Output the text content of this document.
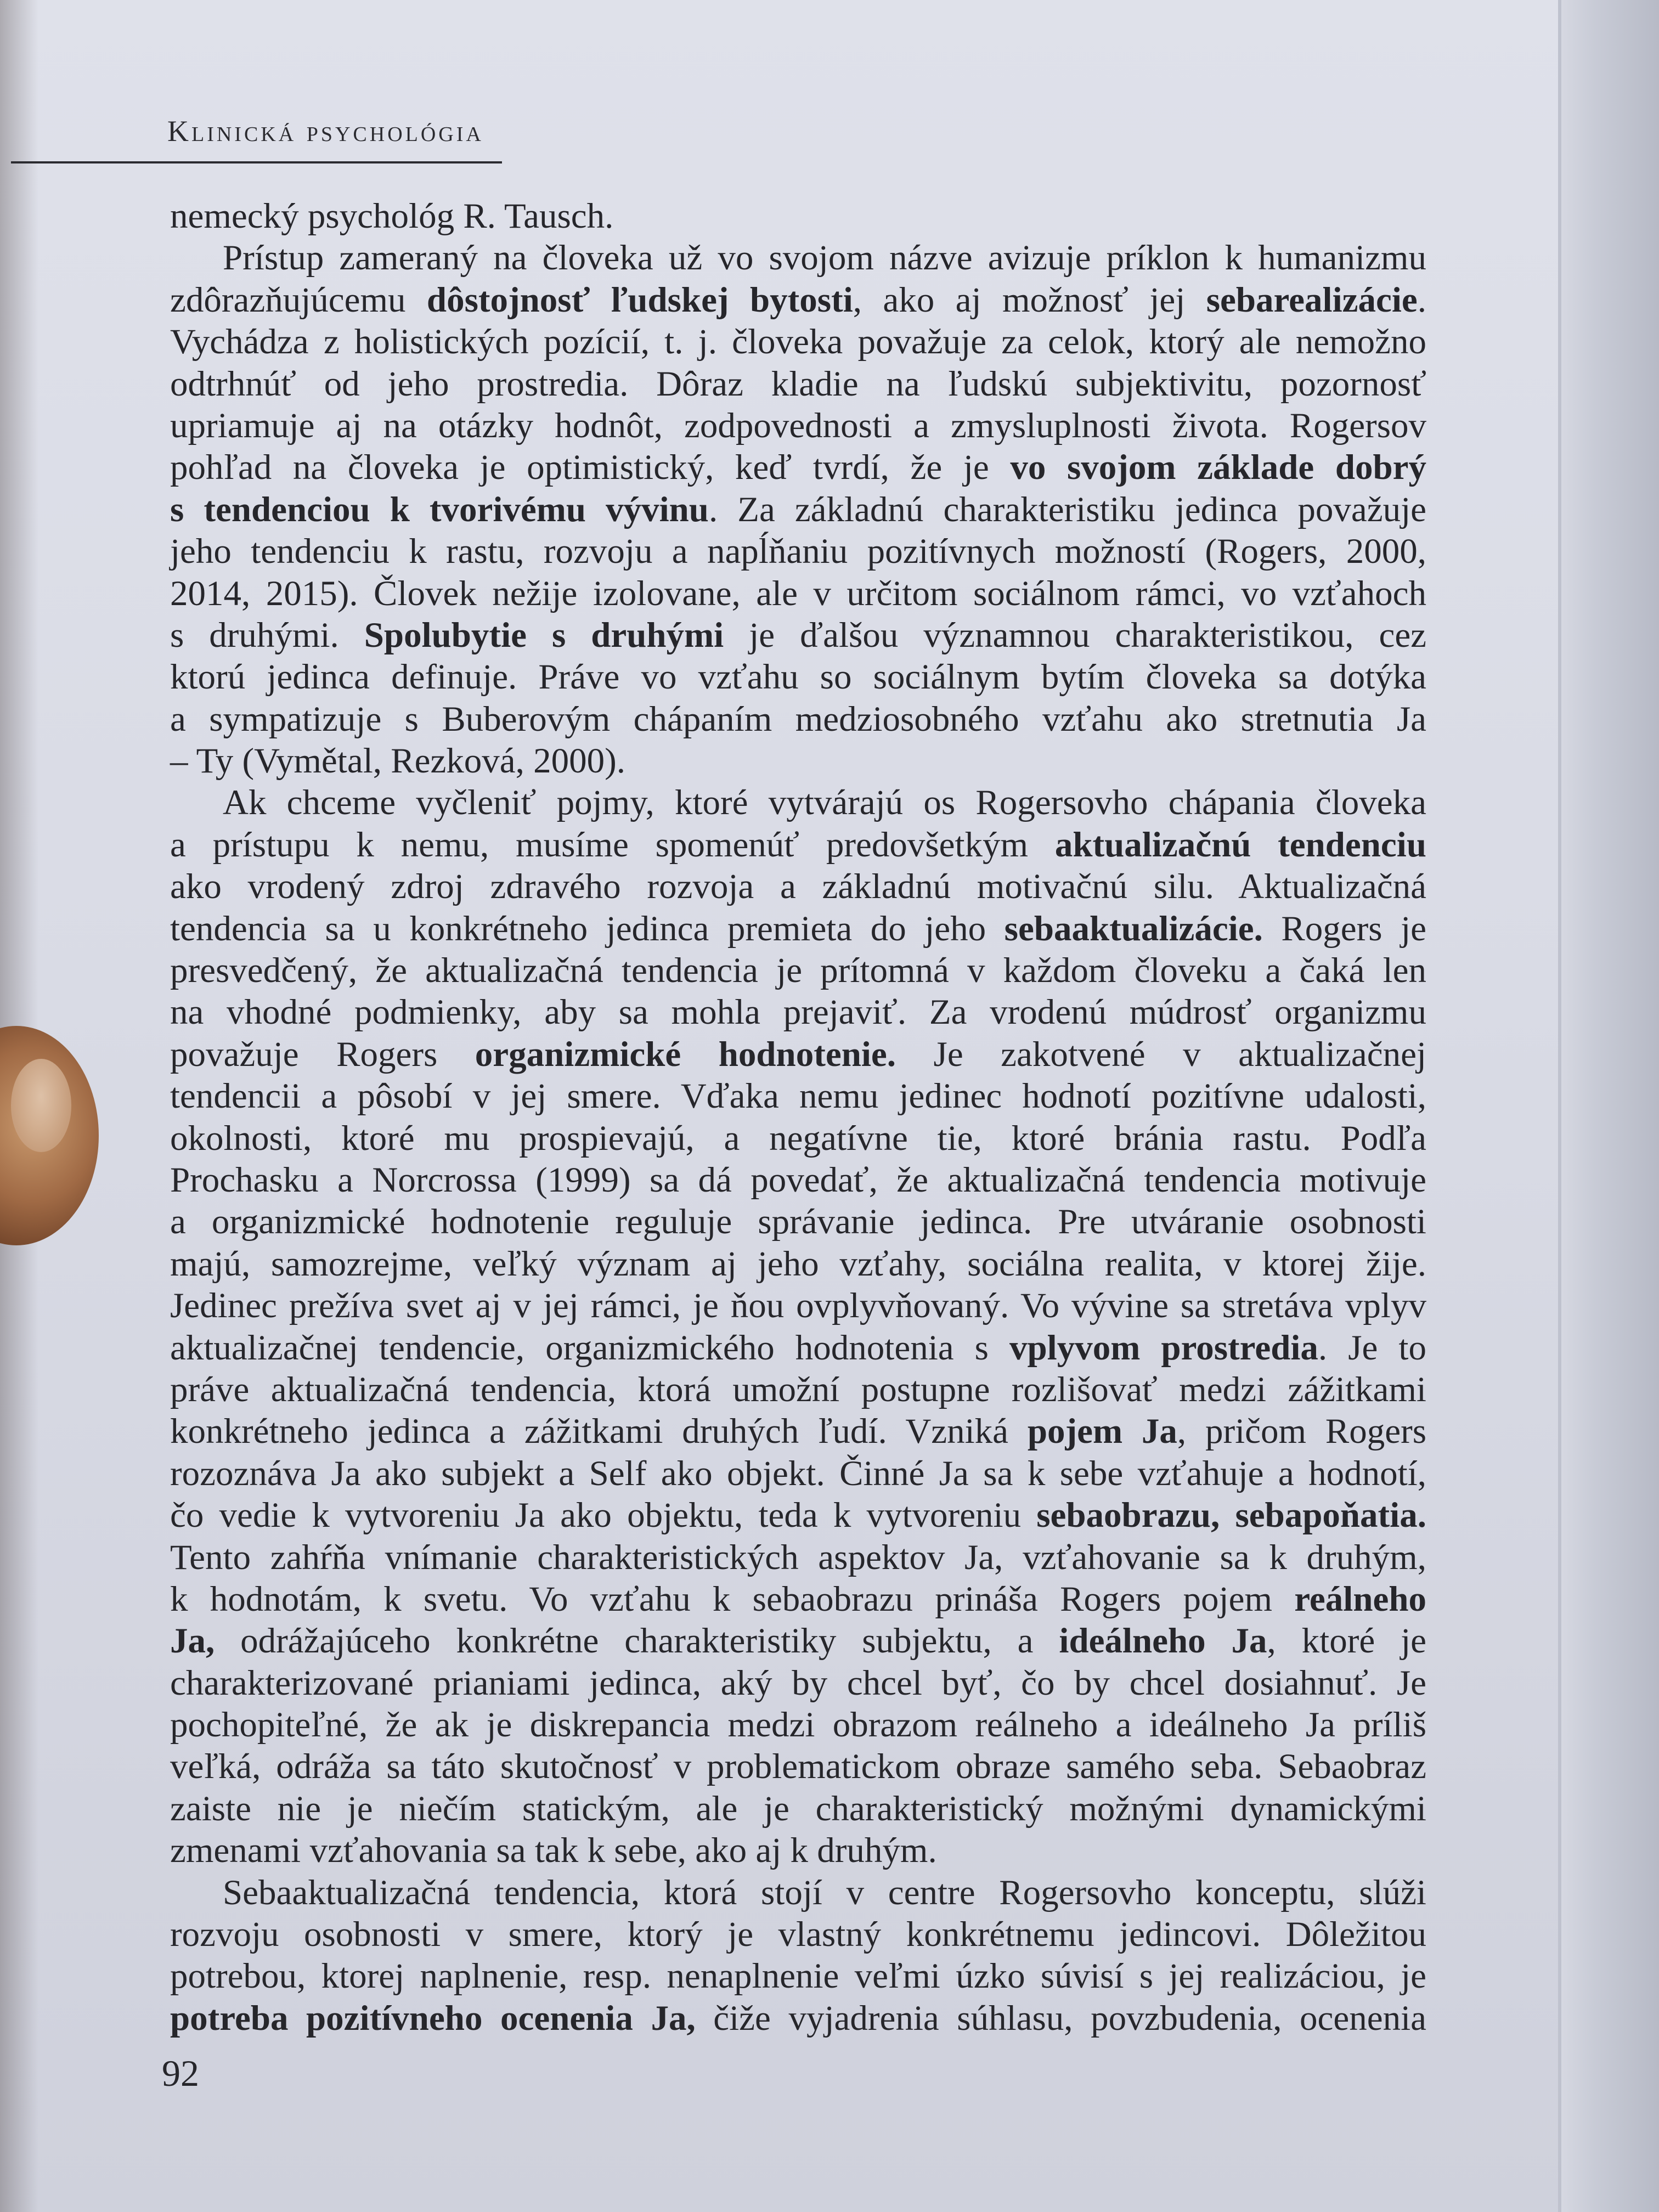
Klinická psychológia
nemecký psychológ R. Tausch.
Prístup zameraný na človeka už vo svojom názve avizuje príklon k humanizmu
zdôrazňujúcemu dôstojnosť ľudskej bytosti, ako aj možnosť jej sebarealizácie.
Vychádza z holistických pozícií, t. j. človeka považuje za celok, ktorý ale nemožno
odtrhnúť od jeho prostredia. Dôraz kladie na ľudskú subjektivitu, pozornosť
upriamuje aj na otázky hodnôt, zodpovednosti a zmysluplnosti života. Rogersov
pohľad na človeka je optimistický, keď tvrdí, že je vo svojom základe dobrý
s tendenciou k tvorivému vývinu. Za základnú charakteristiku jedinca považuje
jeho tendenciu k rastu, rozvoju a napĺňaniu pozitívnych možností (Rogers, 2000,
2014, 2015). Človek nežije izolovane, ale v určitom sociálnom rámci, vo vzťahoch
s druhými. Spolubytie s druhými je ďalšou významnou charakteristikou, cez
ktorú jedinca definuje. Práve vo vzťahu so sociálnym bytím človeka sa dotýka
a sympatizuje s Buberovým chápaním medziosobného vzťahu ako stretnutia Ja
– Ty (Vymětal, Rezková, 2000).
Ak chceme vyčleniť pojmy, ktoré vytvárajú os Rogersovho chápania človeka
a prístupu k nemu, musíme spomenúť predovšetkým aktualizačnú tendenciu
ako vrodený zdroj zdravého rozvoja a základnú motivačnú silu. Aktualizačná
tendencia sa u konkrétneho jedinca premieta do jeho sebaaktualizácie. Rogers je
presvedčený, že aktualizačná tendencia je prítomná v každom človeku a čaká len
na vhodné podmienky, aby sa mohla prejaviť. Za vrodenú múdrosť organizmu
považuje Rogers organizmické hodnotenie. Je zakotvené v aktualizačnej
tendencii a pôsobí v jej smere. Vďaka nemu jedinec hodnotí pozitívne udalosti,
okolnosti, ktoré mu prospievajú, a negatívne tie, ktoré bránia rastu. Podľa
Prochasku a Norcrossa (1999) sa dá povedať, že aktualizačná tendencia motivuje
a organizmické hodnotenie reguluje správanie jedinca. Pre utváranie osobnosti
majú, samozrejme, veľký význam aj jeho vzťahy, sociálna realita, v ktorej žije.
Jedinec prežíva svet aj v jej rámci, je ňou ovplyvňovaný. Vo vývine sa stretáva vplyv
aktualizačnej tendencie, organizmického hodnotenia s vplyvom prostredia. Je to
práve aktualizačná tendencia, ktorá umožní postupne rozlišovať medzi zážitkami
konkrétneho jedinca a zážitkami druhých ľudí. Vzniká pojem Ja, pričom Rogers
rozoznáva Ja ako subjekt a Self ako objekt. Činné Ja sa k sebe vzťahuje a hodnotí,
čo vedie k vytvoreniu Ja ako objektu, teda k vytvoreniu sebaobrazu, sebapoňatia.
Tento zahŕňa vnímanie charakteristických aspektov Ja, vzťahovanie sa k druhým,
k hodnotám, k svetu. Vo vzťahu k sebaobrazu prináša Rogers pojem reálneho
Ja, odrážajúceho konkrétne charakteristiky subjektu, a ideálneho Ja, ktoré je
charakterizované prianiami jedinca, aký by chcel byť, čo by chcel dosiahnuť. Je
pochopiteľné, že ak je diskrepancia medzi obrazom reálneho a ideálneho Ja príliš
veľká, odráža sa táto skutočnosť v problematickom obraze samého seba. Sebaobraz
zaiste nie je niečím statickým, ale je charakteristický možnými dynamickými
zmenami vzťahovania sa tak k sebe, ako aj k druhým.
Sebaaktualizačná tendencia, ktorá stojí v centre Rogersovho konceptu, slúži
rozvoju osobnosti v smere, ktorý je vlastný konkrétnemu jedincovi. Dôležitou
potrebou, ktorej naplnenie, resp. nenaplnenie veľmi úzko súvisí s jej realizáciou, je
potreba pozitívneho ocenenia Ja, čiže vyjadrenia súhlasu, povzbudenia, ocenenia
92
